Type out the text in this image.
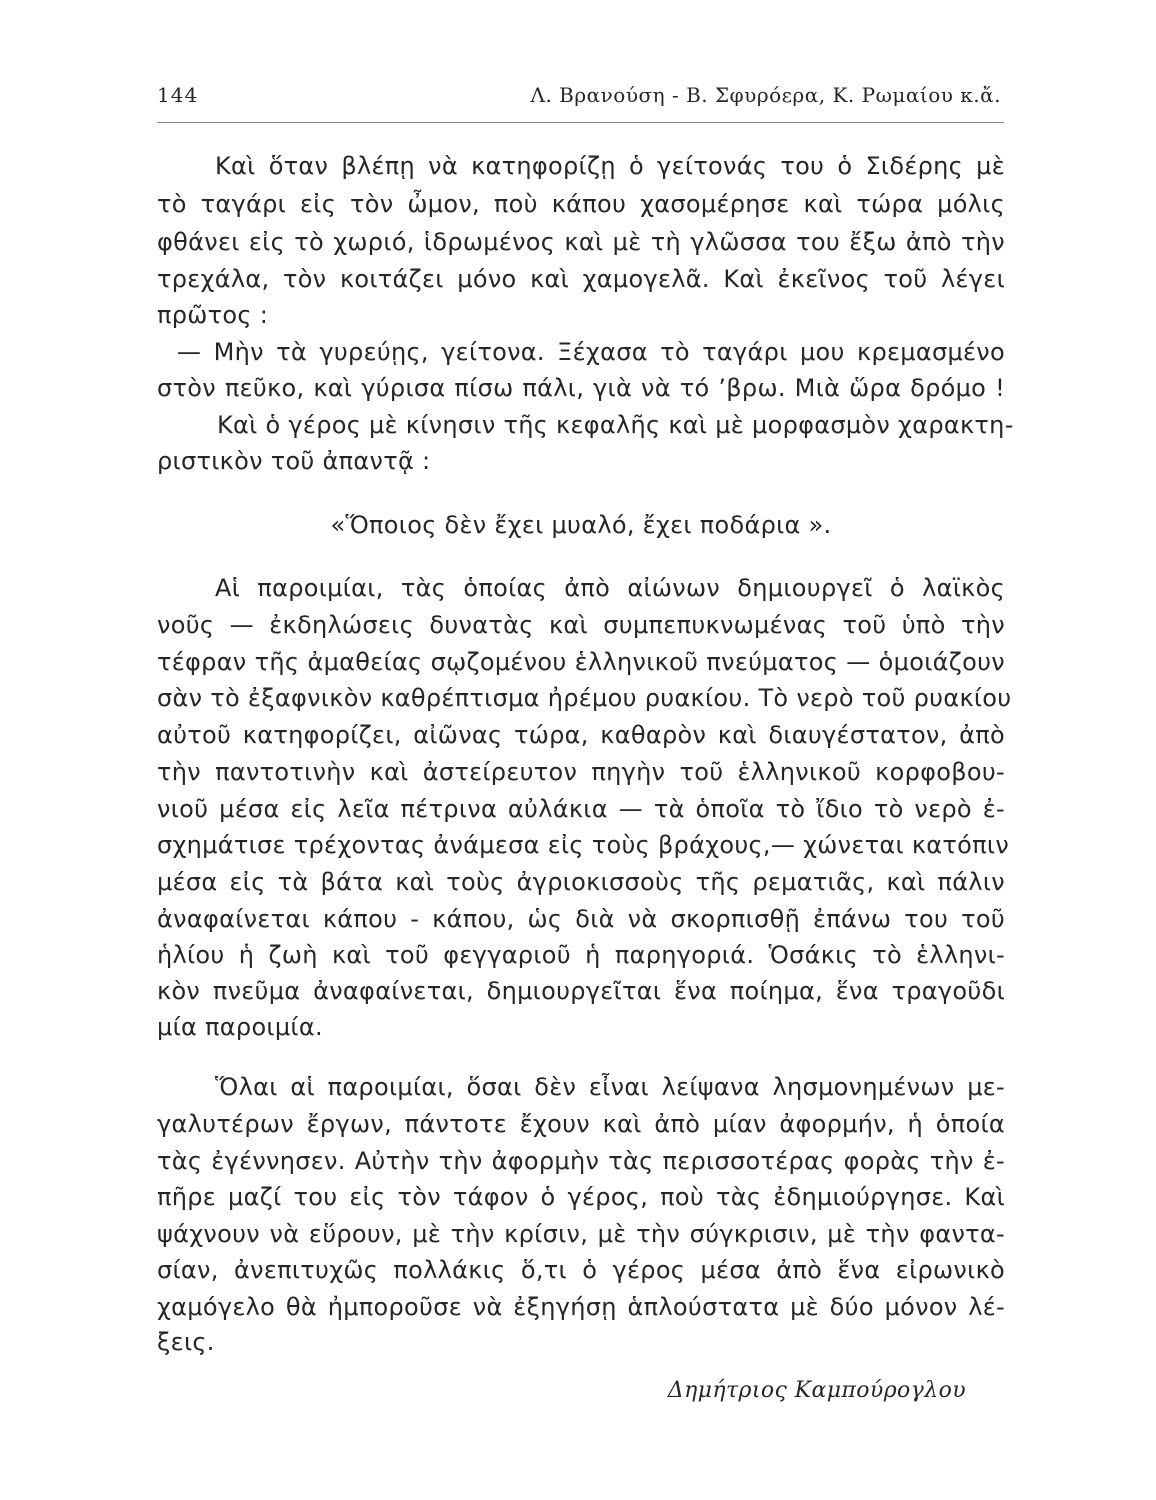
144	Λ. Βρανούση - Β. Σφυρόερα, Κ. Ρωμαίου κ.ἄ.
Καὶ ὅταν βλέπῃ νὰ κατηφορίζῃ ὁ γείτονάς του ὁ Σιδέρης μὲ
τὸ ταγάρι εἰς τὸν ὦμον, ποὺ κάπου χασομέρησε καὶ τώρα μόλις
φθάνει εἰς τὸ χωριό, ἱδρωμένος καὶ μὲ τὴ γλῶσσα του ἔξω ἀπὸ τὴν
τρεχάλα, τὸν κοιτάζει μόνο καὶ χαμογελᾶ. Καὶ ἐκεῖνος τοῦ λέγει
πρῶτος :
— Μὴν τὰ γυρεύῃς, γείτονα. Ξέχασα τὸ ταγάρι μου κρεμασμένο
στὸν πεῦκο, καὶ γύρισα πίσω πάλι, γιὰ νὰ τό ’βρω. Μιὰ ὥρα δρόμο !
Καὶ ὁ γέρος μὲ κίνησιν τῆς κεφαλῆς καὶ μὲ μορφασμὸν χαρακτη-
ριστικὸν τοῦ ἀπαντᾷ :
«Ὅποιος δὲν ἔχει μυαλό, ἔχει ποδάρια ».
Αἱ παροιμίαι, τὰς ὁποίας ἀπὸ αἰώνων δημιουργεῖ ὁ λαϊκὸς
νοῦς — ἐκδηλώσεις δυνατὰς καὶ συμπεπυκνωμένας τοῦ ὑπὸ τὴν
τέφραν τῆς ἀμαθείας σῳζομένου ἑλληνικοῦ πνεύματος — ὁμοιάζουν
σὰν τὸ ἐξαφνικὸν καθρέπτισμα ἠρέμου ρυακίου. Τὸ νερὸ τοῦ ρυακίου
αὐτοῦ κατηφορίζει, αἰῶνας τώρα, καθαρὸν καὶ διαυγέστατον, ἀπὸ
τὴν παντοτινὴν καὶ ἀστείρευτον πηγὴν τοῦ ἑλληνικοῦ κορφοβου-
νιοῦ μέσα εἰς λεῖα πέτρινα αὐλάκια — τὰ ὁποῖα τὸ ἴδιο τὸ νερὸ ἐ-
σχημάτισε τρέχοντας ἀνάμεσα εἰς τοὺς βράχους,— χώνεται κατόπιν
μέσα εἰς τὰ βάτα καὶ τοὺς ἀγριοκισσοὺς τῆς ρεματιᾶς, καὶ πάλιν
ἀναφαίνεται κάπου - κάπου, ὡς διὰ νὰ σκορπισθῇ ἐπάνω του τοῦ
ἡλίου ἡ ζωὴ καὶ τοῦ φεγγαριοῦ ἡ παρηγοριά. Ὁσάκις τὸ ἑλληνι-
κὸν πνεῦμα ἀναφαίνεται, δημιουργεῖται ἕνα ποίημα, ἕνα τραγοῦδι
μία παροιμία.
Ὅλαι αἱ παροιμίαι, ὅσαι δὲν εἶναι λείψανα λησμονημένων με-
γαλυτέρων ἔργων, πάντοτε ἔχουν καὶ ἀπὸ μίαν ἀφορμήν, ἡ ὁποία
τὰς ἐγέννησεν. Αὐτὴν τὴν ἀφορμὴν τὰς περισσοτέρας φορὰς τὴν ἐ-
πῆρε μαζί του εἰς τὸν τάφον ὁ γέρος, ποὺ τὰς ἐδημιούργησε. Καὶ
ψάχνουν νὰ εὕρουν, μὲ τὴν κρίσιν, μὲ τὴν σύγκρισιν, μὲ τὴν φαντα-
σίαν, ἀνεπιτυχῶς πολλάκις ὅ,τι ὁ γέρος μέσα ἀπὸ ἕνα εἰρωνικὸ
χαμόγελο θὰ ἠμποροῦσε νὰ ἐξηγήσῃ ἁπλούστατα μὲ δύο μόνον λέ-
ξεις.
Δημήτριος Καμπούρογλου
